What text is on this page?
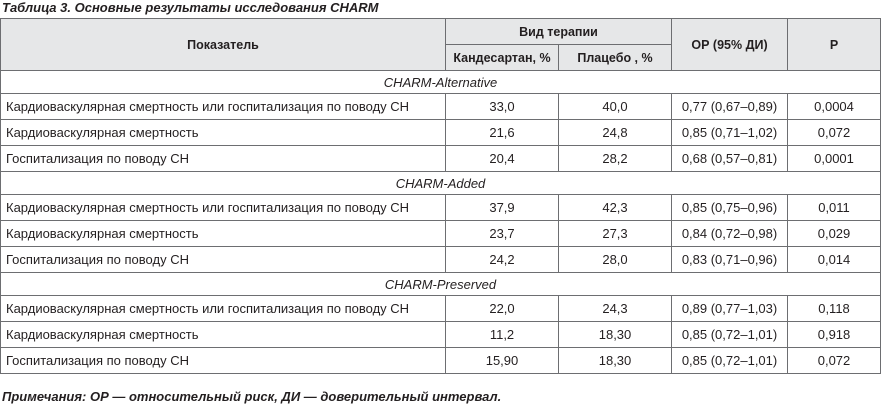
Таблица 3. Основные результаты исследования CHARM
Показатель	Вид терапии		ОР (95% ДИ)	Р
	Кандесартан, %	Плацебо , %		
CHARM-Alternative				
Кардиоваскулярная смертность или госпитализация по поводу СН	33,0	40,0	0,77 (0,67–0,89)	0,0004
Кардиоваскулярная смертность	21,6	24,8	0,85 (0,71–1,02)	0,072
Госпитализация по поводу СН	20,4	28,2	0,68 (0,57–0,81)	0,0001
CHARM-Added				
Кардиоваскулярная смертность или госпитализация по поводу СН	37,9	42,3	0,85 (0,75–0,96)	0,011
Кардиоваскулярная смертность	23,7	27,3	0,84 (0,72–0,98)	0,029
Госпитализация по поводу СН	24,2	28,0	0,83 (0,71–0,96)	0,014
CHARM-Preserved				
Кардиоваскулярная смертность или госпитализация по поводу СН	22,0	24,3	0,89 (0,77–1,03)	0,118
Кардиоваскулярная смертность	11,2	18,30	0,85 (0,72–1,01)	0,918
Госпитализация по поводу СН	15,90	18,30	0,85 (0,72–1,01)	0,072
Примечания: ОР — относительный риск, ДИ — доверительный интервал.
